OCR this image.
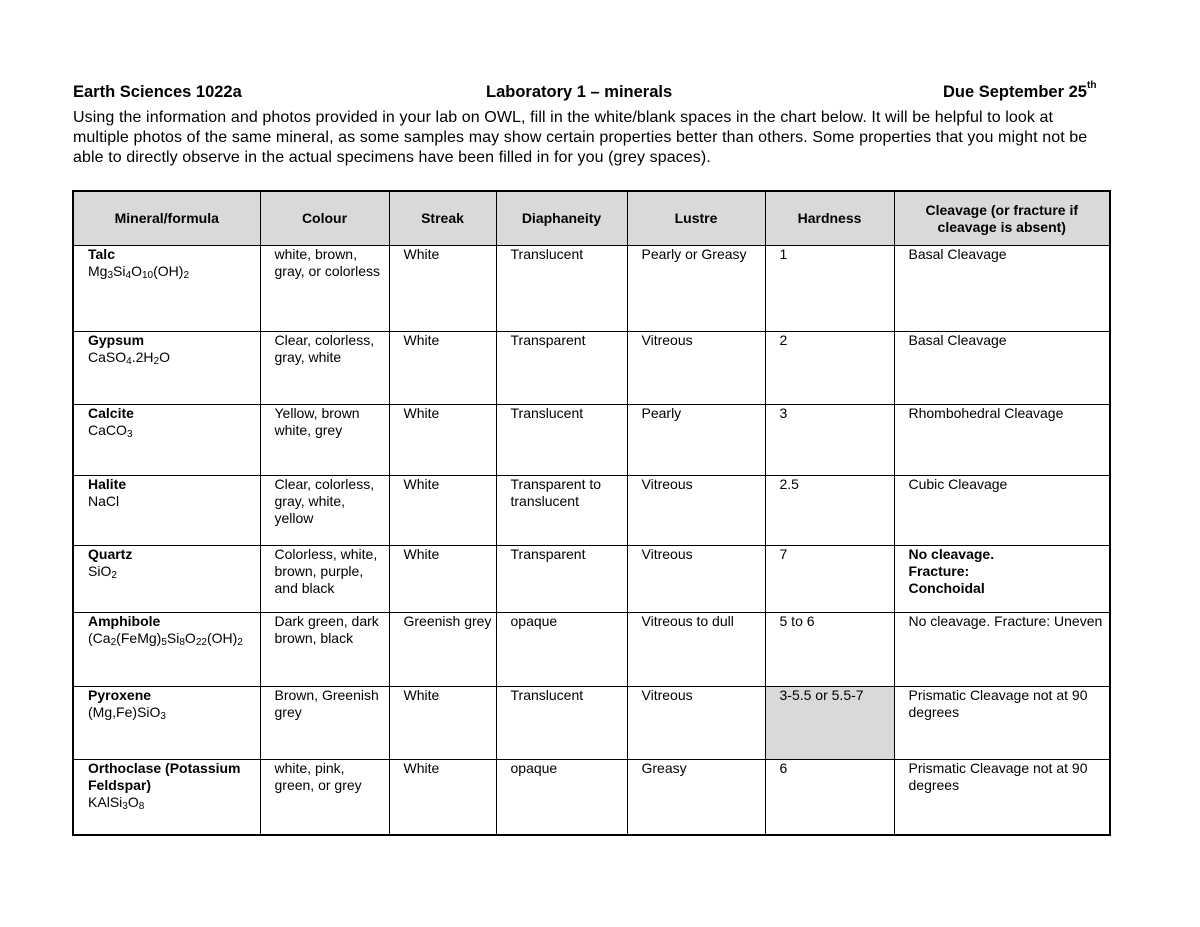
Earth Sciences 1022a	Laboratory 1 – minerals	Due September 25th
Using the information and photos provided in your lab on OWL, fill in the white/blank spaces in the chart below. It will be helpful to look at multiple photos of the same mineral, as some samples may show certain properties better than others. Some properties that you might not be able to directly observe in the actual specimens have been filled in for you (grey spaces).
Mineral/formula	Colour	Streak	Diaphaneity	Lustre	Hardness	Cleavage (or fracture if cleavage is absent)

Talc
$Mg_3Si_4O_{10}(OH)_2$	white, brown, gray, or colorless	White	Translucent	Pearly or Greasy	1	Basal Cleavage

Gypsum
$CaSO_4.2H_2O$	Clear, colorless, gray, white	White	Transparent	Vitreous	2	Basal Cleavage

Calcite
CaCO$_3$	Yellow, brown white, grey	White	Translucent	Pearly	3	Rhombohedral Cleavage

Halite
NaCl	Clear, colorless, gray, white, yellow	White	Transparent to translucent	Vitreous	2.5	Cubic Cleavage

Quartz
SiO$_2$	Colorless, white, brown, purple, and black	White	Transparent	Vitreous	7	No cleavage.
Fracture:
Conchoidal

Amphibole
($Ca_2(FeMg)_5Si_8O_{22}(OH)_2$	Dark green, dark brown, black	Greenish grey	opaque	Vitreous to dull	5 to 6	No cleavage. Fracture: Uneven

Pyroxene
(Mg,Fe)SiO$_3$	Brown, Greenish grey	White	Translucent	Vitreous	3-5.5 or 5.5-7	Prismatic Cleavage not at 90 degrees

Orthoclase (Potassium Feldspar)
$KAlSi_3O_8$	white, pink, green, or grey	White	opaque	Greasy	6	Prismatic Cleavage not at 90 degrees
